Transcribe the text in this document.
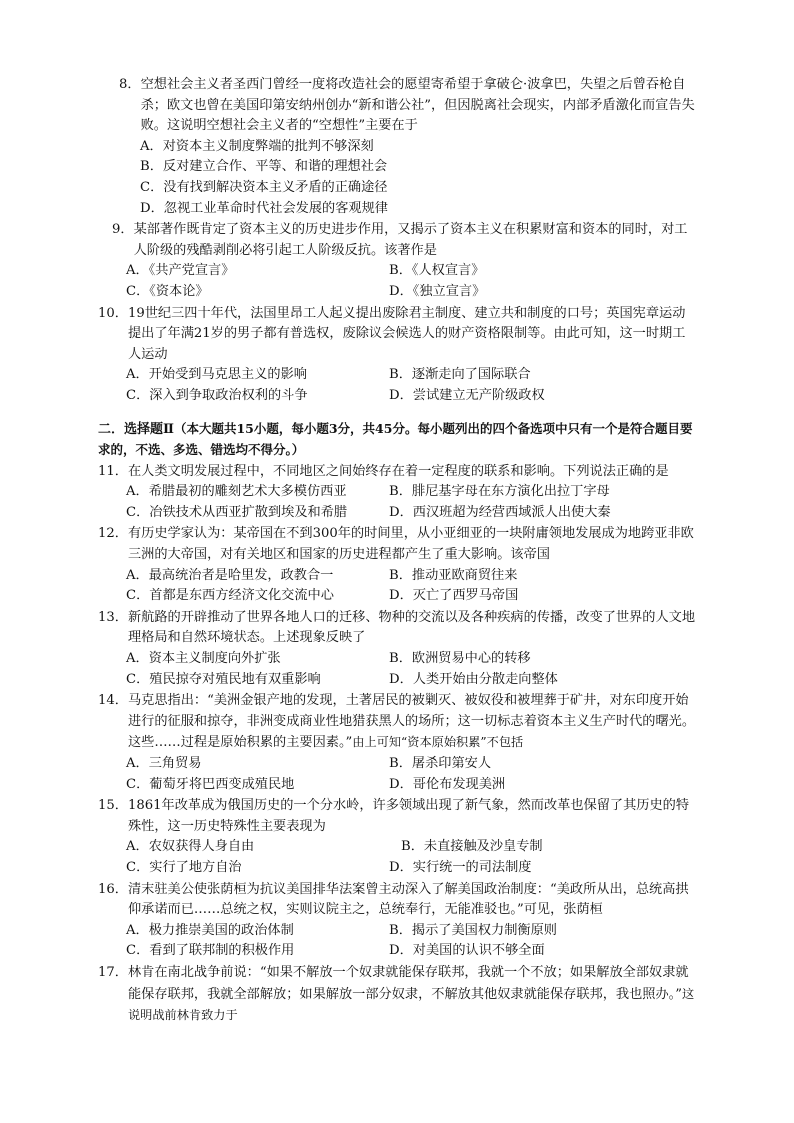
8． 空想社会主义者圣西门曾经一度将改造社会的愿望寄希望于拿破仑·波拿巴，失望之后曾吞枪自杀；欧文也曾在美国印第安纳州创办“新和谐公社”，但因脱离社会现实，内部矛盾激化而宣告失败。这说明空想社会主义者的“空想性”主要在于
A．对资本主义制度弊端的批判不够深刻
B．反对建立合作、平等、和谐的理想社会
C．没有找到解决资本主义矛盾的正确途径
D．忽视工业革命时代社会发展的客观规律
9． 某部著作既肯定了资本主义的历史进步作用，又揭示了资本主义在积累财富和资本的同时，对工人阶级的残酷剥削必将引起工人阶级反抗。该著作是
A．《共产党宣言》	B．《人权宣言》
C．《资本论》	D．《独立宣言》
10． 19世纪三四十年代，法国里昂工人起义提出废除君主制度、建立共和制度的口号；英国宪章运动提出了年满21岁的男子都有普选权，废除议会候选人的财产资格限制等。由此可知，这一时期工人运动
A．开始受到马克思主义的影响	B．逐渐走向了国际联合
C．深入到争取政治权利的斗争	D．尝试建立无产阶级政权
二．选择题Ⅱ（本大题共15小题，每小题3分，共45分。每小题列出的四个备选项中只有一个是符合题目要求的，不选、多选、错选均不得分。）
11． 在人类文明发展过程中，不同地区之间始终存在着一定程度的联系和影响。下列说法正确的是
A．希腊最初的雕刻艺术大多模仿西亚	B．腓尼基字母在东方演化出拉丁字母
C．冶铁技术从西亚扩散到埃及和希腊	D．西汉班超为经营西域派人出使大秦
12． 有历史学家认为：某帝国在不到300年的时间里，从小亚细亚的一块附庸领地发展成为地跨亚非欧三洲的大帝国，对有关地区和国家的历史进程都产生了重大影响。该帝国
A．最高统治者是哈里发，政教合一	B．推动亚欧商贸往来
C．首都是东西方经济文化交流中心	D．灭亡了西罗马帝国
13． 新航路的开辟推动了世界各地人口的迁移、物种的交流以及各种疾病的传播，改变了世界的人文地理格局和自然环境状态。上述现象反映了
A．资本主义制度向外扩张	B．欧洲贸易中心的转移
C．殖民掠夺对殖民地有双重影响	D．人类开始由分散走向整体
14． 马克思指出：“美洲金银产地的发现，土著居民的被剿灭、被奴役和被埋葬于矿井，对东印度开始进行的征服和掠夺，非洲变成商业性地猎获黑人的场所；这一切标志着资本主义生产时代的曙光。这些……过程是原始积累的主要因素。”由上可知“资本原始积累”不包括
A．三角贸易	B．屠杀印第安人
C．葡萄牙将巴西变成殖民地	D．哥伦布发现美洲
15． 1861年改革成为俄国历史的一个分水岭，许多领域出现了新气象，然而改革也保留了其历史的特殊性，这一历史特殊性主要表现为
A．农奴获得人身自由	B．未直接触及沙皇专制
C．实行了地方自治	D．实行统一的司法制度
16． 清末驻美公使张荫桓为抗议美国排华法案曾主动深入了解美国政治制度：“美政所从出，总统高拱仰承诺而已……总统之权，实则议院主之，总统奉行，无能准驳也。”可见，张荫桓
A．极力推崇美国的政治体制	B．揭示了美国权力制衡原则
C．看到了联邦制的积极作用	D．对美国的认识不够全面
17． 林肯在南北战争前说：“如果不解放一个奴隶就能保存联邦，我就一个不放；如果解放全部奴隶就能保存联邦，我就全部解放；如果解放一部分奴隶，不解放其他奴隶就能保存联邦，我也照办。”这说明战前林肯致力于
